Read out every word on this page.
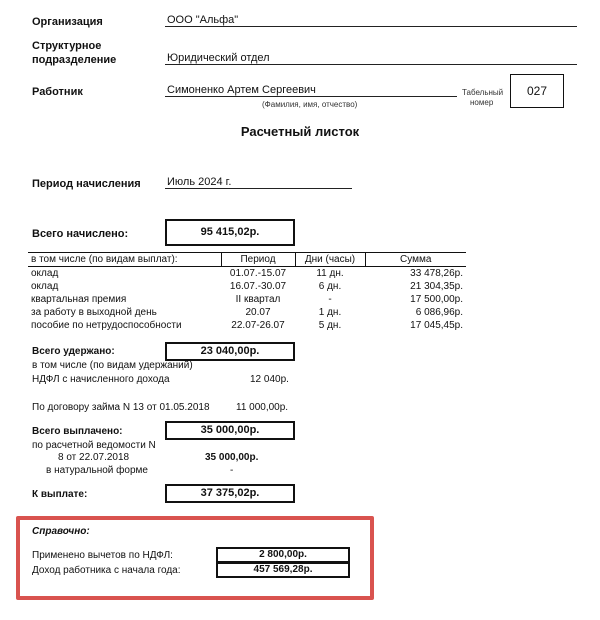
Организация	ООО "Альфа"
Структурное
подразделение	Юридический отдел
Работник	Симоненко Артем Сергеевич
(Фамилия, имя, отчество)
Табельный
номер
027
Расчетный листок
Период начисления Июль 2024 г.
Всего начислено:	95 415,02р.
в том числе (по видам выплат):	Период	Дни (часы)	Сумма
оклад	01.07.-15.07	11 дн.	33 478,26р.
оклад	16.07.-30.07	6 дн.	21 304,35р.
квартальная премия	II квартал	-	17 500,00р.
за работу в выходной день	20.07	1 дн.	6 086,96р.
пособие по нетрудоспособности	22.07-26.07	5 дн.	17 045,45р.
Всего удержано:	23 040,00р.
в том числе (по видам удержаний)
НДФЛ с начисленного дохода	12 040р.
По договору займа N 13 от 01.05.2018	11 000,00р.
Всего выплачено:	35 000,00р.
по расчетной ведомости N
8 от 22.07.2018	35 000,00р.
в натуральной форме	-
К выплате:	37 375,02р.
Справочно:
Применено вычетов по НДФЛ:	2 800,00р.
Доход работника с начала года:	457 569,28р.
